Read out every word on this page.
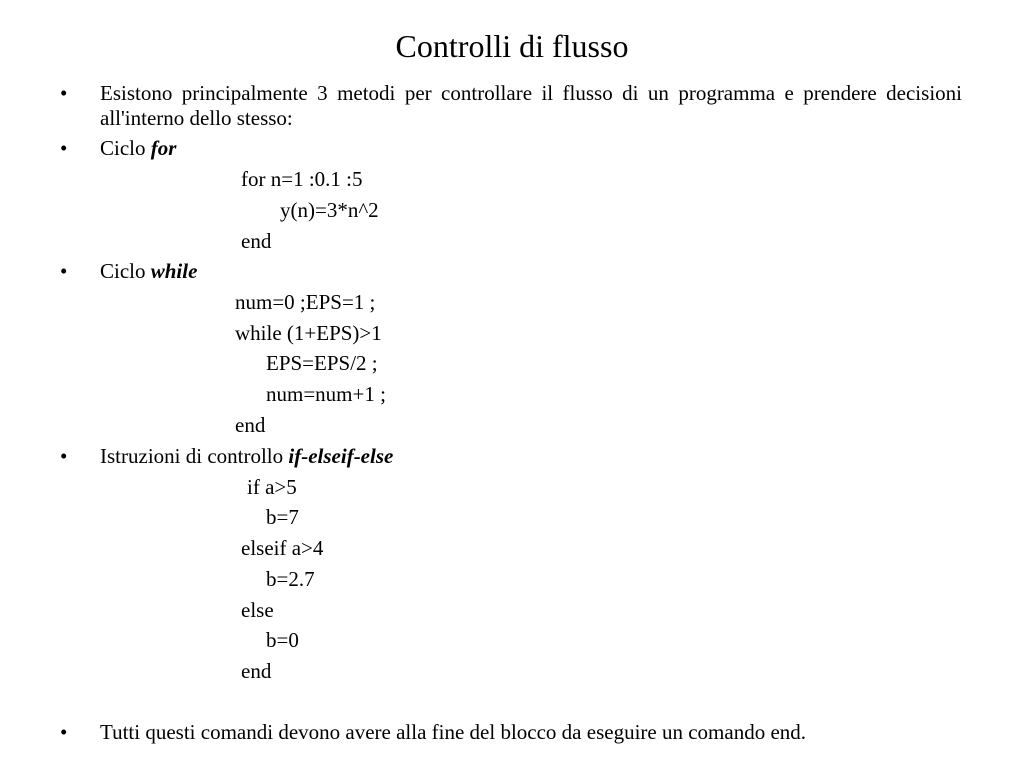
Controlli di flusso
• Esistono principalmente 3 metodi per controllare il flusso di un programma e prendere decisioni all'interno dello stesso:
• Ciclo for
for n=1 :0.1 :5
y(n)=3*n^2
end
• Ciclo while
num=0 ;EPS=1 ;
while (1+EPS)>1
EPS=EPS/2 ;
num=num+1 ;
end
• Istruzioni di controllo if-elseif-else
if a>5
b=7
elseif a>4
b=2.7
else
b=0
end
• Tutti questi comandi devono avere alla fine del blocco da eseguire un comando end.
